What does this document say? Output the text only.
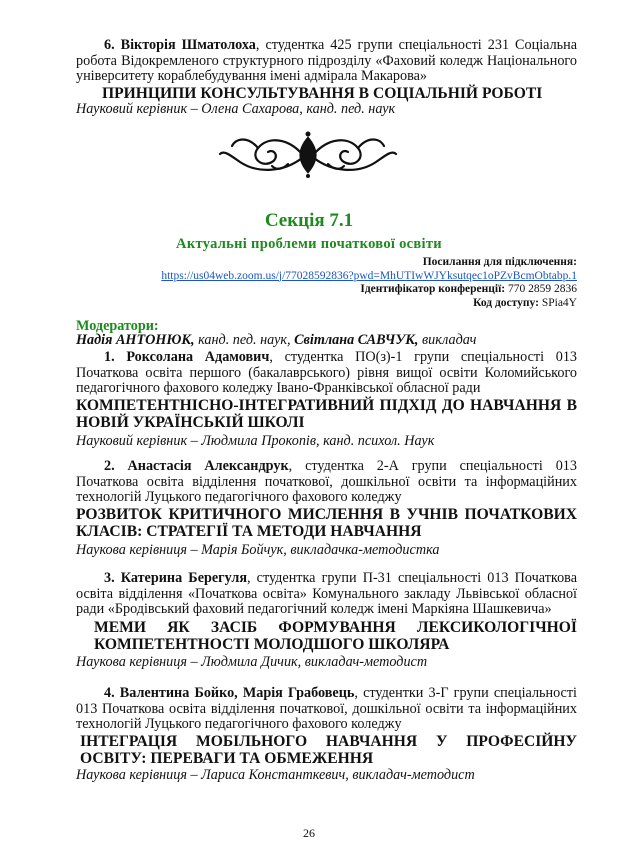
6. Вікторія Шматолоха, студентка 425 групи спеціальності 231 Соціальна робота Відокремленого структурного підрозділу «Фаховий коледж Національного університету кораблебудування імені адмірала Макарова»
ПРИНЦИПИ КОНСУЛЬТУВАННЯ В СОЦІАЛЬНІЙ РОБОТІ
Науковий керівник – Олена Сахарова, канд. пед. наук
Секція 7.1
Актуальні проблеми початкової освіти
Посилання для підключення:
https://us04web.zoom.us/j/77028592836?pwd=MhUTIwWJYksutqec1oPZvBcmObtabp.1
Ідентифікатор конференції: 770 2859 2836
Код доступу: SPia4Y
Модератори:
Надія АНТОНЮК, канд. пед. наук, Світлана САВЧУК, викладач
1. Роксолана Адамович, студентка ПО(з)-1 групи спеціальності 013 Початкова освіта першого (бакалаврського) рівня вищої освіти Коломийського педагогічного фахового коледжу Івано-Франківської обласної ради
КОМПЕТЕНТНІСНО-ІНТЕГРАТИВНИЙ ПІДХІД ДО НАВЧАННЯ В НОВІЙ УКРАЇНСЬКІЙ ШКОЛІ
Науковий керівник – Людмила Прокопів, канд. психол. Наук
2. Анастасія Александрук, студентка 2-А групи спеціальності 013 Початкова освіта відділення початкової, дошкільної освіти та інформаційних технологій Луцького педагогічного фахового коледжу
РОЗВИТОК КРИТИЧНОГО МИСЛЕННЯ В УЧНІВ ПОЧАТКОВИХ КЛАСІВ: СТРАТЕГІЇ ТА МЕТОДИ НАВЧАННЯ
Наукова керівниця – Марія Бойчук, викладачка-методистка
3. Катерина Берегуля, студентка групи П-31 спеціальності 013 Початкова освіта відділення «Початкова освіта» Комунального закладу Львівської обласної ради «Бродівський фаховий педагогічний коледж імені Маркіяна Шашкевича»
МЕМИ ЯК ЗАСІБ ФОРМУВАННЯ ЛЕКСИКОЛОГІЧНОЇ КОМПЕТЕНТНОСТІ МОЛОДШОГО ШКОЛЯРА
Наукова керівниця – Людмила Дичик, викладач-методист
4. Валентина Бойко, Марія Грабовець, студентки 3-Г групи спеціальності 013 Початкова освіта відділення початкової, дошкільної освіти та інформаційних технологій Луцького педагогічного фахового коледжу
ІНТЕГРАЦІЯ МОБІЛЬНОГО НАВЧАННЯ У ПРОФЕСІЙНУ ОСВІТУ: ПЕРЕВАГИ ТА ОБМЕЖЕННЯ
Наукова керівниця – Лариса Константкевич, викладач-методист
26
